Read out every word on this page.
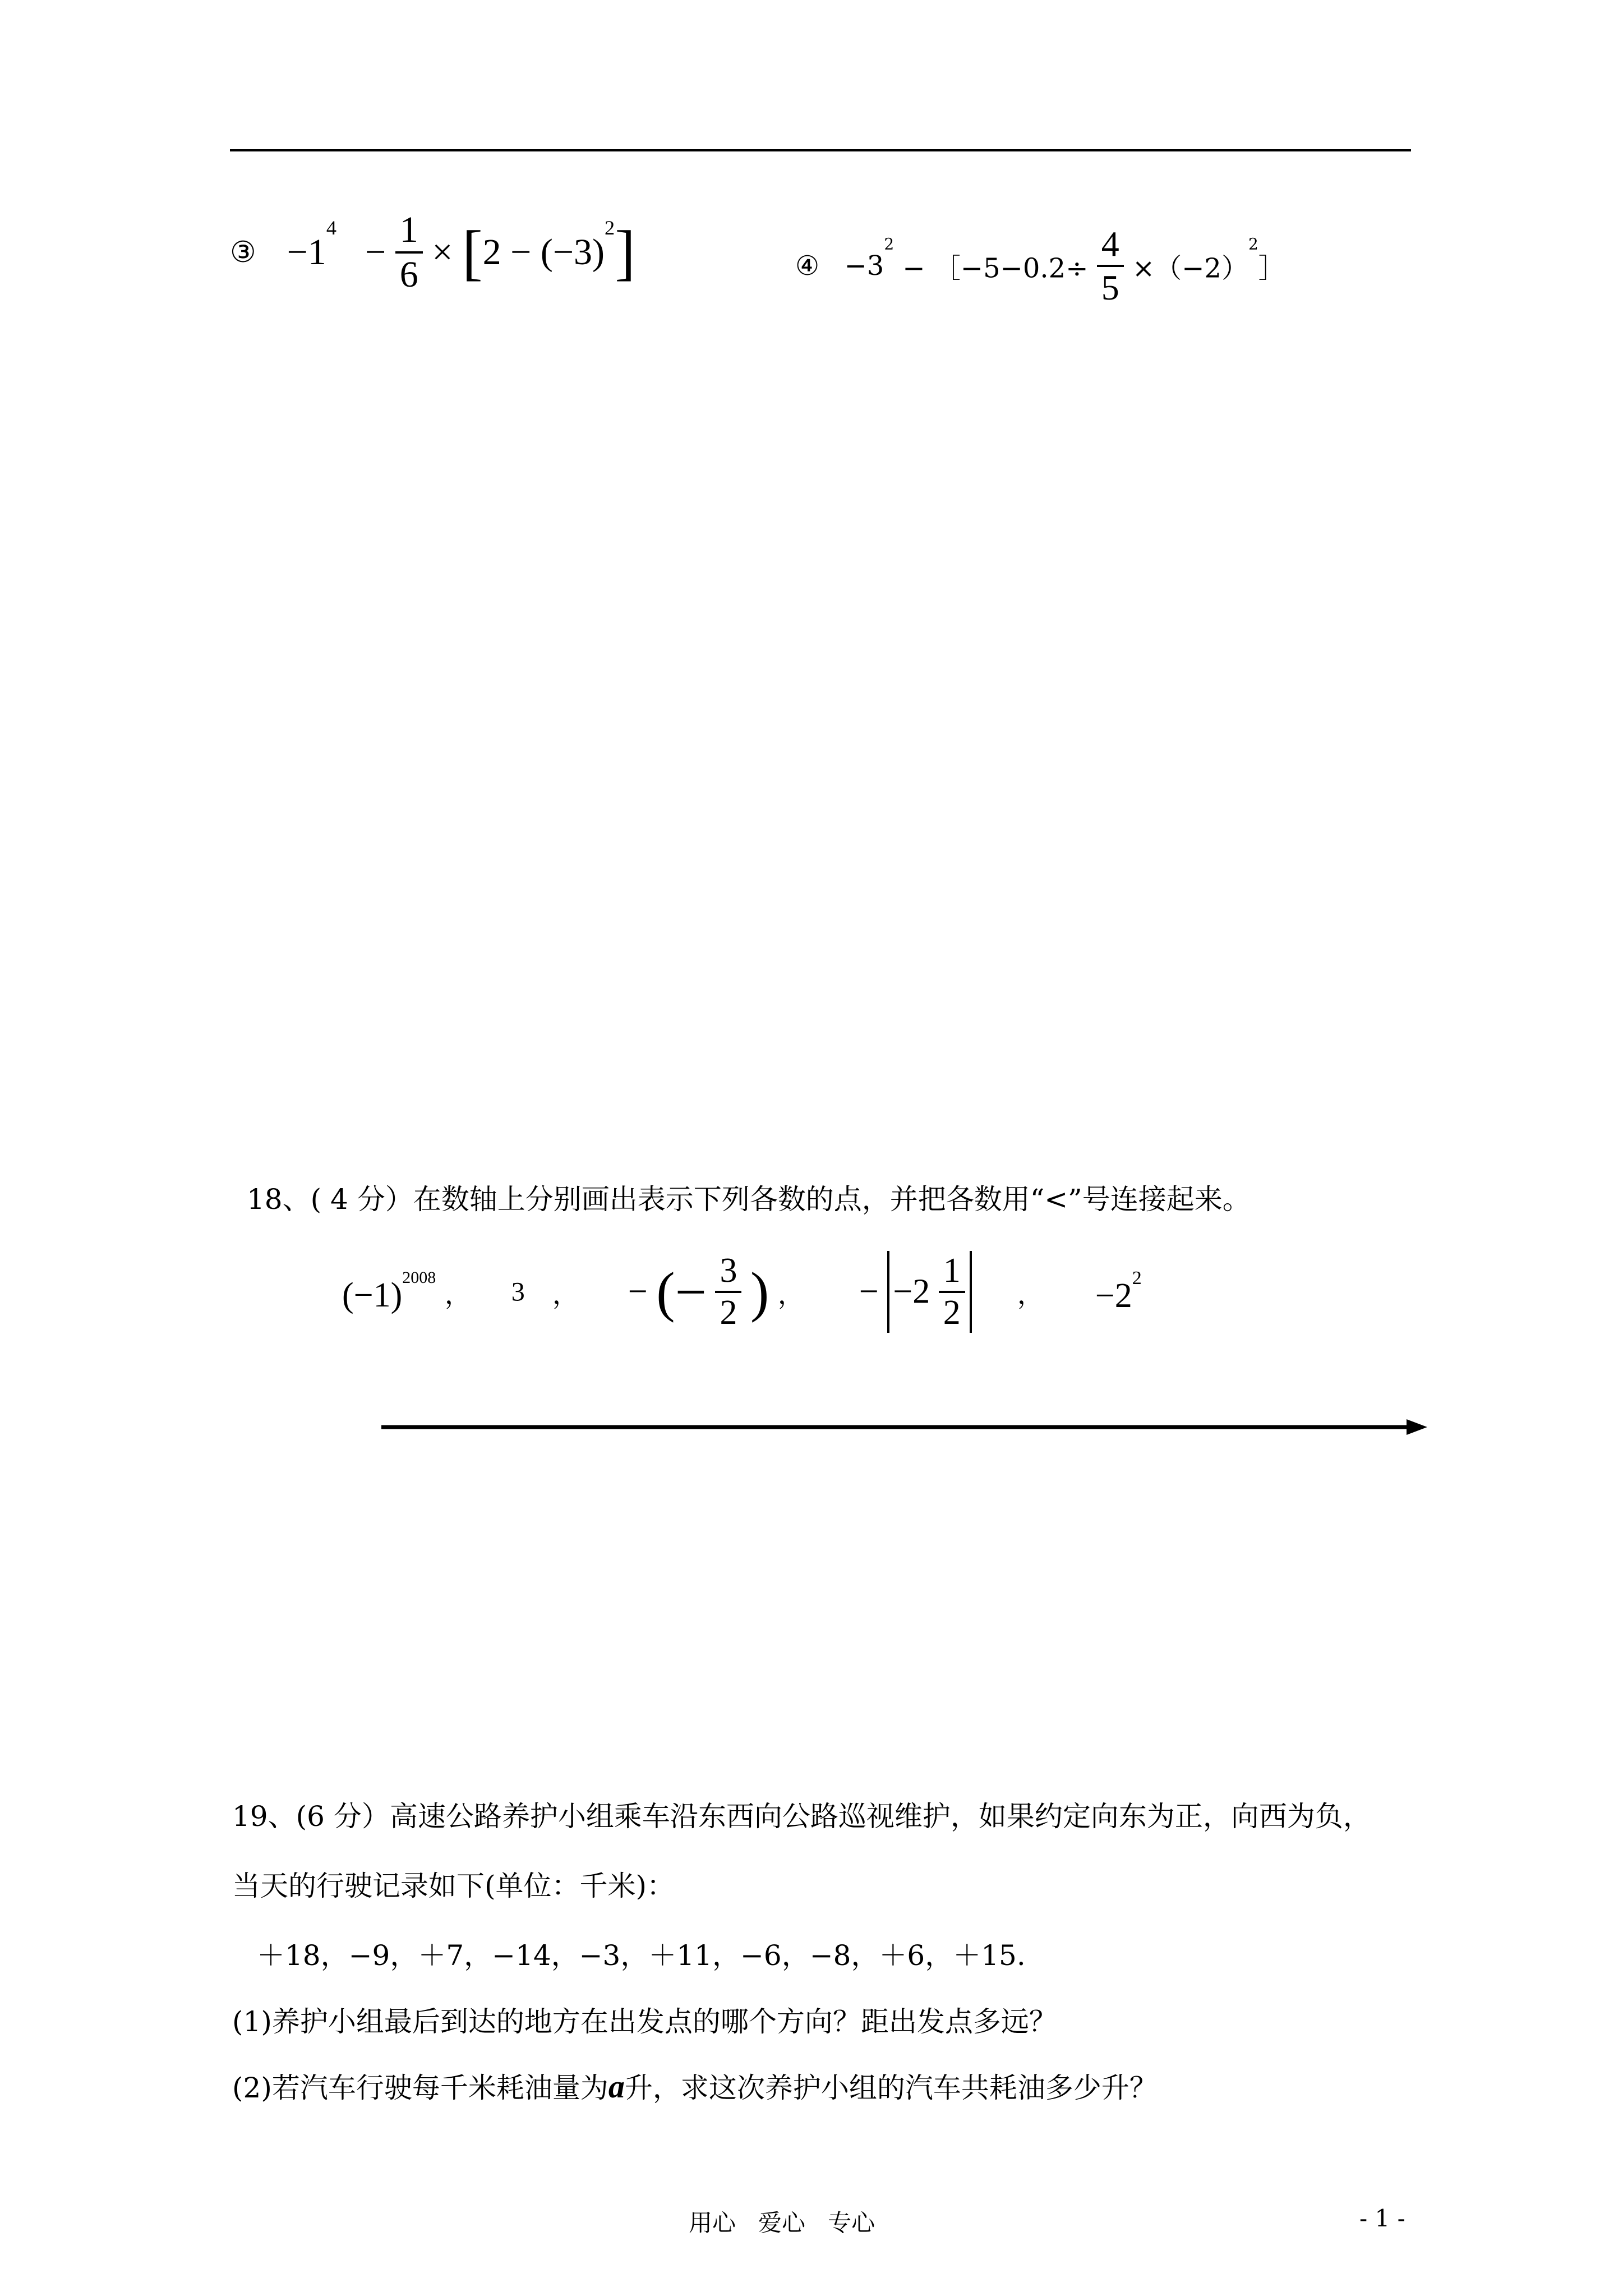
③ $-1^4 - \frac{1}{6} \times [2 - (-3)^2]$	④ $-3^2$ − ［−5−0.2÷ $\frac{4}{5}$ $\times(-2)^2]$
18、( 4 分）在数轴上分别画出表示下列各数的点，并把各数用“<”号连接起来。
$(-1)^{2008}$ ， 3 ， − (− $\frac{3}{2}$ ) ， − $-2 \frac{1}{2}$ ， $-2^2$
19、(6 分）高速公路养护小组乘车沿东西向公路巡视维护，如果约定向东为正，向西为负，
当天的行驶记录如下(单位：千米)：
＋18，−9，＋7，−14，−3，＋11，−6，−8，＋6，＋15.
(1)养护小组最后到达的地方在出发点的哪个方向？距出发点多远？
(2)若汽车行驶每千米耗油量为a升，求这次养护小组的汽车共耗油多少升？
用心   爱心   专心	- 1 -
